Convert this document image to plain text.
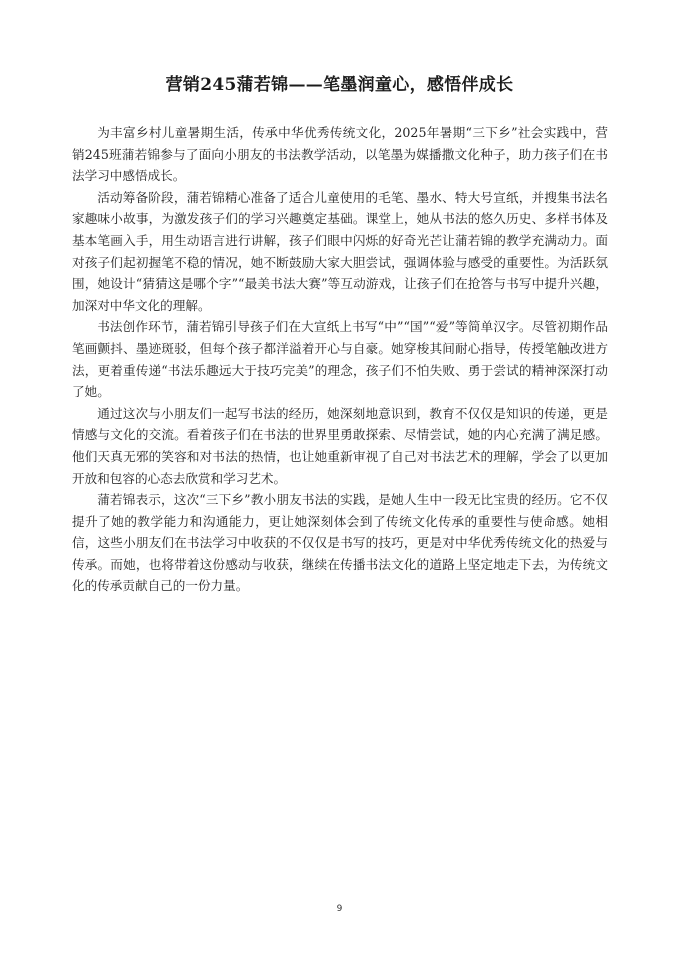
营销245蒲若锦——笔墨润童心，感悟伴成长

为丰富乡村儿童暑期生活，传承中华优秀传统文化，2025年暑期“三下乡”社会实践中，营销245班蒲若锦参与了面向小朋友的书法教学活动，以笔墨为媒播撒文化种子，助力孩子们在书法学习中感悟成长。

活动筹备阶段，蒲若锦精心准备了适合儿童使用的毛笔、墨水、特大号宣纸，并搜集书法名家趣味小故事，为激发孩子们的学习兴趣奠定基础。课堂上，她从书法的悠久历史、多样书体及基本笔画入手，用生动语言进行讲解，孩子们眼中闪烁的好奇光芒让蒲若锦的教学充满动力。面对孩子们起初握笔不稳的情况，她不断鼓励大家大胆尝试，强调体验与感受的重要性。为活跃氛围，她设计“猜猜这是哪个字”“最美书法大赛”等互动游戏，让孩子们在抢答与书写中提升兴趣，加深对中华文化的理解。

书法创作环节，蒲若锦引导孩子们在大宣纸上书写“中”“国”“爱”等简单汉字。尽管初期作品笔画颤抖、墨迹斑驳，但每个孩子都洋溢着开心与自豪。她穿梭其间耐心指导，传授笔触改进方法，更着重传递“书法乐趣远大于技巧完美”的理念，孩子们不怕失败、勇于尝试的精神深深打动了她。

通过这次与小朋友们一起写书法的经历，她深刻地意识到，教育不仅仅是知识的传递，更是情感与文化的交流。看着孩子们在书法的世界里勇敢探索、尽情尝试，她的内心充满了满足感。他们天真无邪的笑容和对书法的热情，也让她重新审视了自己对书法艺术的理解，学会了以更加开放和包容的心态去欣赏和学习艺术。

蒲若锦表示，这次“三下乡”教小朋友书法的实践，是她人生中一段无比宝贵的经历。它不仅提升了她的教学能力和沟通能力，更让她深刻体会到了传统文化传承的重要性与使命感。她相信，这些小朋友们在书法学习中收获的不仅仅是书写的技巧，更是对中华优秀传统文化的热爱与传承。而她，也将带着这份感动与收获，继续在传播书法文化的道路上坚定地走下去，为传统文化的传承贡献自己的一份力量。

9
